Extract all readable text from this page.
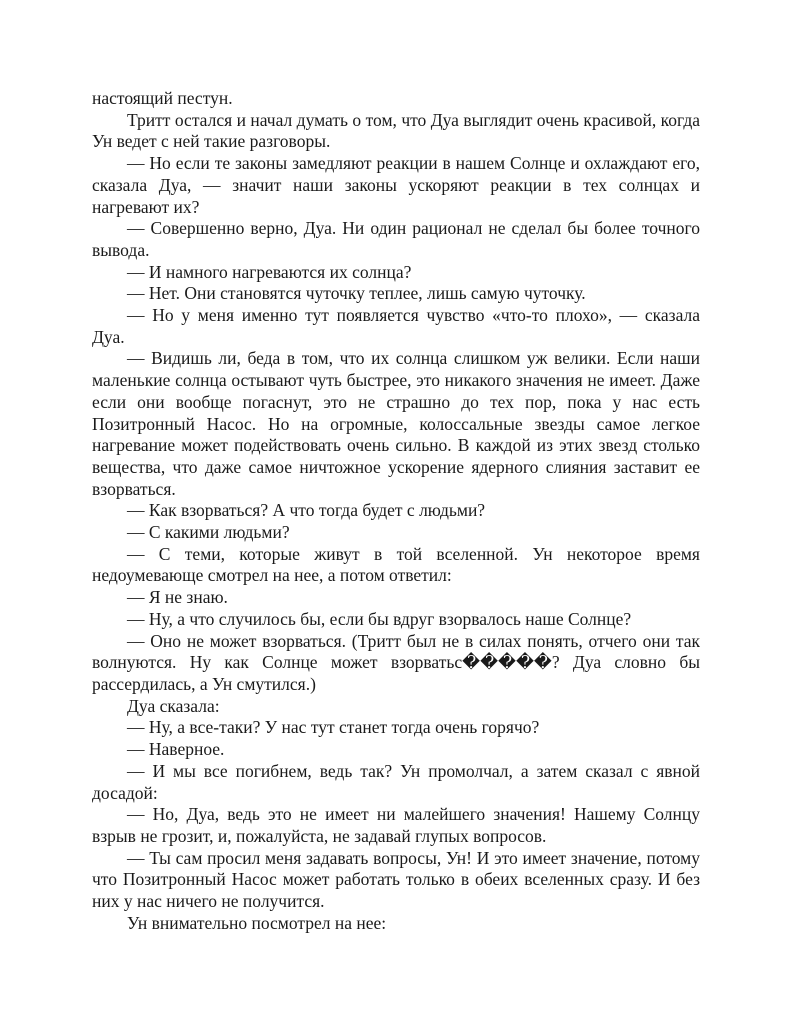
настоящий пестун.

Тритт остался и начал думать о том, что Дуа выглядит очень красивой, когда Ун ведет с ней такие разговоры.

— Но если те законы замедляют реакции в нашем Солнце и охлаждают его, сказала Дуа, — значит наши законы ускоряют реакции в тех солнцах и нагревают их?

— Совершенно верно, Дуа. Ни один рационал не сделал бы более точного вывода.

— И намного нагреваются их солнца?

— Нет. Они становятся чуточку теплее, лишь самую чуточку.

— Но у меня именно тут появляется чувство «что-то плохо», — сказала Дуа.

— Видишь ли, беда в том, что их солнца слишком уж велики. Если наши маленькие солнца остывают чуть быстрее, это никакого значения не имеет. Даже если они вообще погаснут, это не страшно до тех пор, пока у нас есть Позитронный Насос. Но на огромные, колоссальные звезды самое легкое нагревание может подействовать очень сильно. В каждой из этих звезд столько вещества, что даже самое ничтожное ускорение ядерного слияния заставит ее взорваться.

— Как взорваться? А что тогда будет с людьми?

— С какими людьми?

— С теми, которые живут в той вселенной. Ун некоторое время недоумевающе смотрел на нее, а потом ответил:

— Я не знаю.

— Ну, а что случилось бы, если бы вдруг взорвалось наше Солнце?

— Оно не может взорваться. (Тритт был не в силах понять, отчего они так волнуются. Ну как Солнце может взорватьс�����? Дуа словно бы рассердилась, а Ун смутился.)

Дуа сказала:

— Ну, а все-таки? У нас тут станет тогда очень горячо?

— Наверное.

— И мы все погибнем, ведь так? Ун промолчал, а затем сказал с явной досадой:

— Но, Дуа, ведь это не имеет ни малейшего значения! Нашему Солнцу взрыв не грозит, и, пожалуйста, не задавай глупых вопросов.

— Ты сам просил меня задавать вопросы, Ун! И это имеет значение, потому что Позитронный Насос может работать только в обеих вселенных сразу. И без них у нас ничего не получится.

Ун внимательно посмотрел на нее:
